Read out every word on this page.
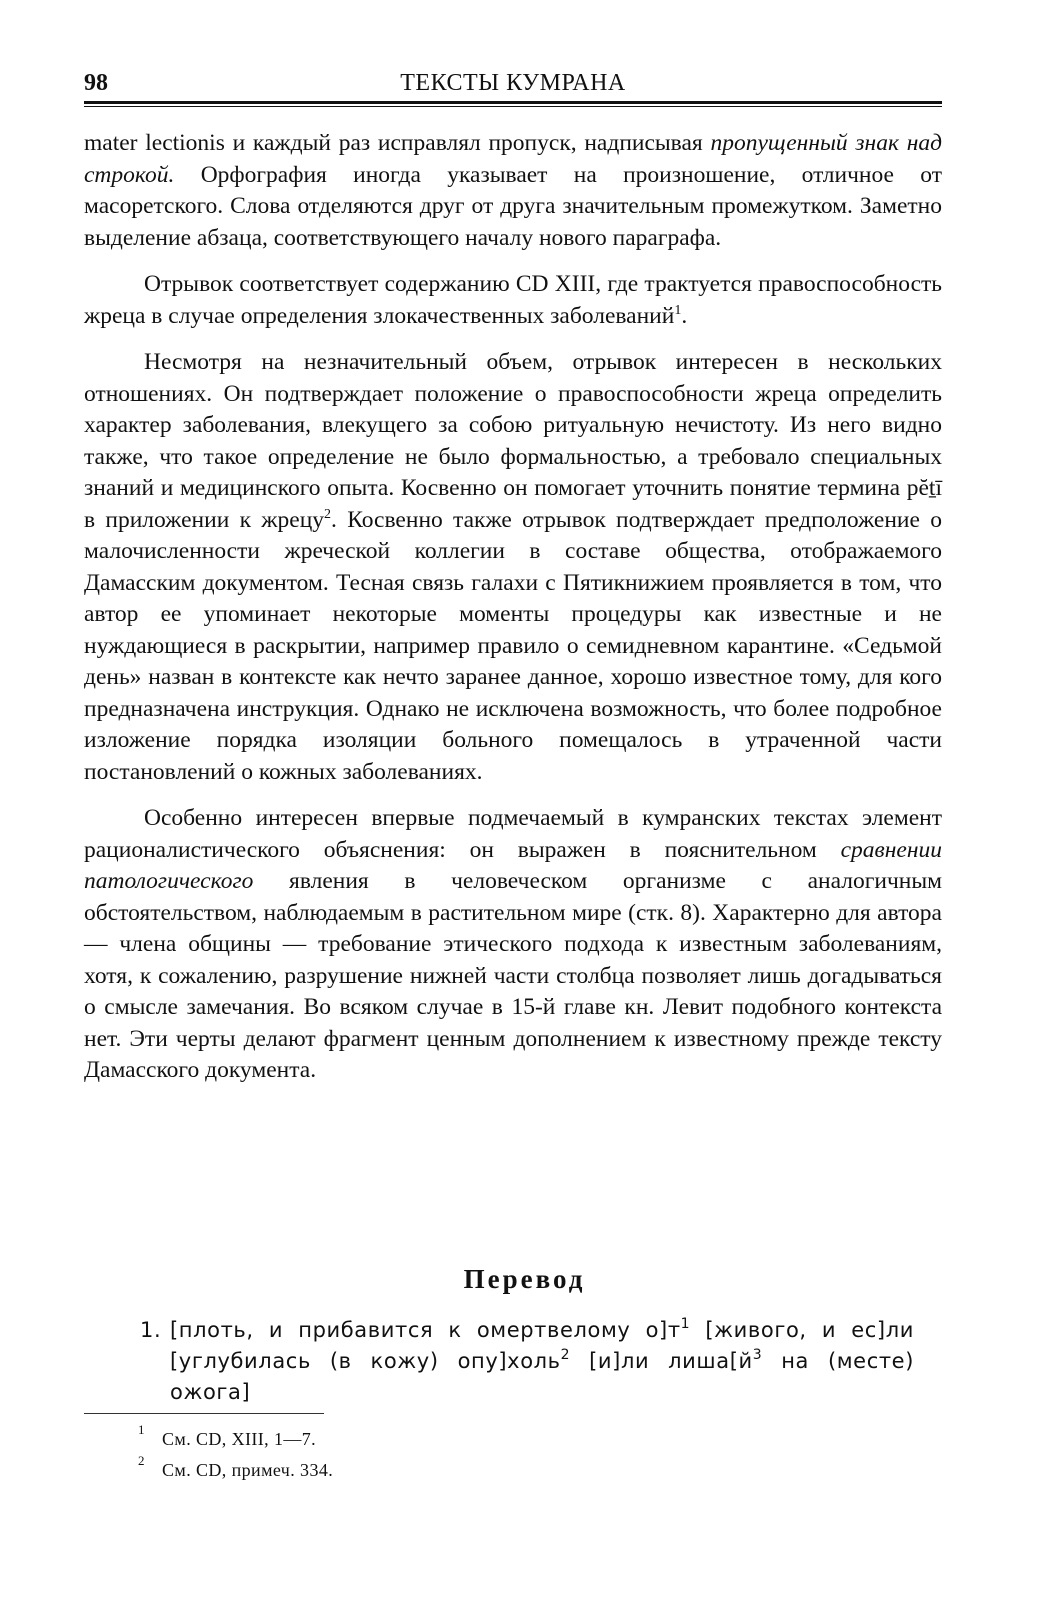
98	ТЕКСТЫ КУМРАНА

mater lectionis и каждый раз исправлял пропуск, надписывая пропущенный знак над строкой. Орфография иногда указывает на произношение, отличное от масоретского. Слова отделяются друг от друга значительным промежутком. Заметно выделение абзаца, соответствующего началу нового параграфа.

Отрывок соответствует содержанию CD XIII, где трактуется правоспособность жреца в случае определения злокачественных заболеваний$^1$.

Несмотря на незначительный объем, отрывок интересен в нескольких отношениях. Он подтверждает положение о правоспособности жреца определить характер заболевания, влекущего за собою ритуальную нечистоту. Из него видно также, что такое определение не было формальностью, а требовало специальных знаний и медицинского опыта. Косвенно он помогает уточнить понятие термина pĕṯī в приложении к жрецу$^2$. Косвенно также отрывок подтверждает предположение о малочисленности жреческой коллегии в составе общества, отображаемого Дамасским документом. Тесная связь галахи с Пятикнижием проявляется в том, что автор ее упоминает некоторые моменты процедуры как известные и не нуждающиеся в раскрытии, например правило о семидневном карантине. «Седьмой день» назван в контексте как нечто заранее данное, хорошо известное тому, для кого предназначена инструкция. Однако не исключена возможность, что более подробное изложение порядка изоляции больного помещалось в утраченной части постановлений о кожных заболеваниях.

Особенно интересен впервые подмечаемый в кумранских текстах элемент рационалистического объяснения: он выражен в пояснительном сравнении патологического явления в человеческом организме с аналогичным обстоятельством, наблюдаемым в растительном мире (стк. 8). Характерно для автора — члена общины — требование этического подхода к известным заболеваниям, хотя, к сожалению, разрушение нижней части столбца позволяет лишь догадываться о смысле замечания. Во всяком случае в 15-й главе кн. Левит подобного контекста нет. Эти черты делают фрагмент ценным дополнением к известному прежде тексту Дамасского документа.

Перевод
1. [плоть, и прибавится к омертвелому $о]т^1$ [живого, и ес]ли [углубилась (в кожу) опу]холь$^2$ [и]ли $лиша[й^3$ на (месте) ожога]
1 См. CD, XIII, 1—7.
2 См. CD, примеч. 334.
